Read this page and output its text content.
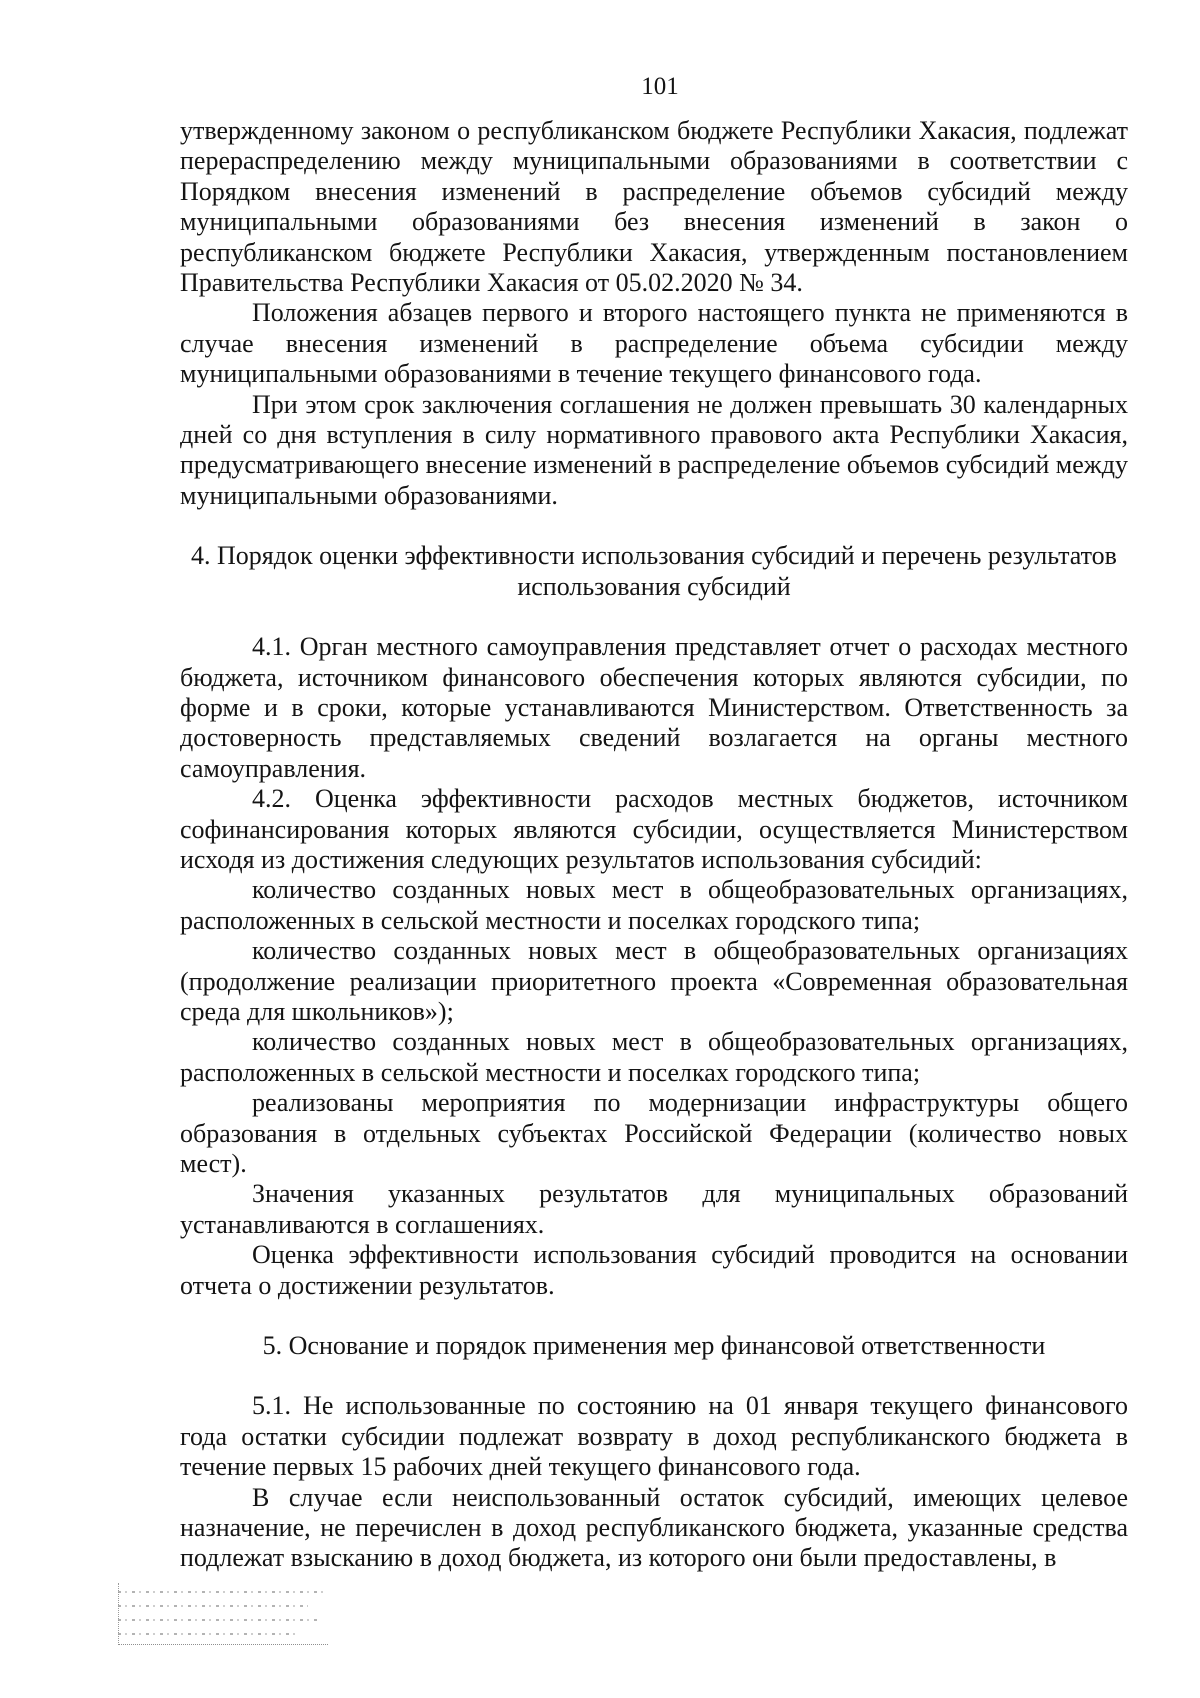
101

утвержденному законом о республиканском бюджете Республики Хакасия, подлежат перераспределению между муниципальными образованиями в соответствии с Порядком внесения изменений в распределение объемов субсидий между муниципальными образованиями без внесения изменений в закон о республиканском бюджете Республики Хакасия, утвержденным постановлением Правительства Республики Хакасия от 05.02.2020 № 34.

Положения абзацев первого и второго настоящего пункта не применяются в случае внесения изменений в распределение объема субсидии между муниципальными образованиями в течение текущего финансового года.

При этом срок заключения соглашения не должен превышать 30 календарных дней со дня вступления в силу нормативного правового акта Республики Хакасия, предусматривающего внесение изменений в распределение объемов субсидий между муниципальными образованиями.

4. Порядок оценки эффективности использования субсидий и перечень результатов использования субсидий

4.1. Орган местного самоуправления представляет отчет о расходах местного бюджета, источником финансового обеспечения которых являются субсидии, по форме и в сроки, которые устанавливаются Министерством. Ответственность за достоверность представляемых сведений возлагается на органы местного самоуправления.

4.2. Оценка эффективности расходов местных бюджетов, источником софинансирования которых являются субсидии, осуществляется Министерством исходя из достижения следующих результатов использования субсидий:

количество созданных новых мест в общеобразовательных организациях, расположенных в сельской местности и поселках городского типа;

количество созданных новых мест в общеобразовательных организациях (продолжение реализации приоритетного проекта «Современная образовательная среда для школьников»);

количество созданных новых мест в общеобразовательных организациях, расположенных в сельской местности и поселках городского типа;

реализованы мероприятия по модернизации инфраструктуры общего образования в отдельных субъектах Российской Федерации (количество новых мест).

Значения указанных результатов для муниципальных образований устанавливаются в соглашениях.

Оценка эффективности использования субсидий проводится на основании отчета о достижении результатов.

5. Основание и порядок применения мер финансовой ответственности

5.1. Не использованные по состоянию на 01 января текущего финансового года остатки субсидии подлежат возврату в доход республиканского бюджета в течение первых 15 рабочих дней текущего финансового года.

В случае если неиспользованный остаток субсидий, имеющих целевое назначение, не перечислен в доход республиканского бюджета, указанные средства подлежат взысканию в доход бюджета, из которого они были предоставлены, в
